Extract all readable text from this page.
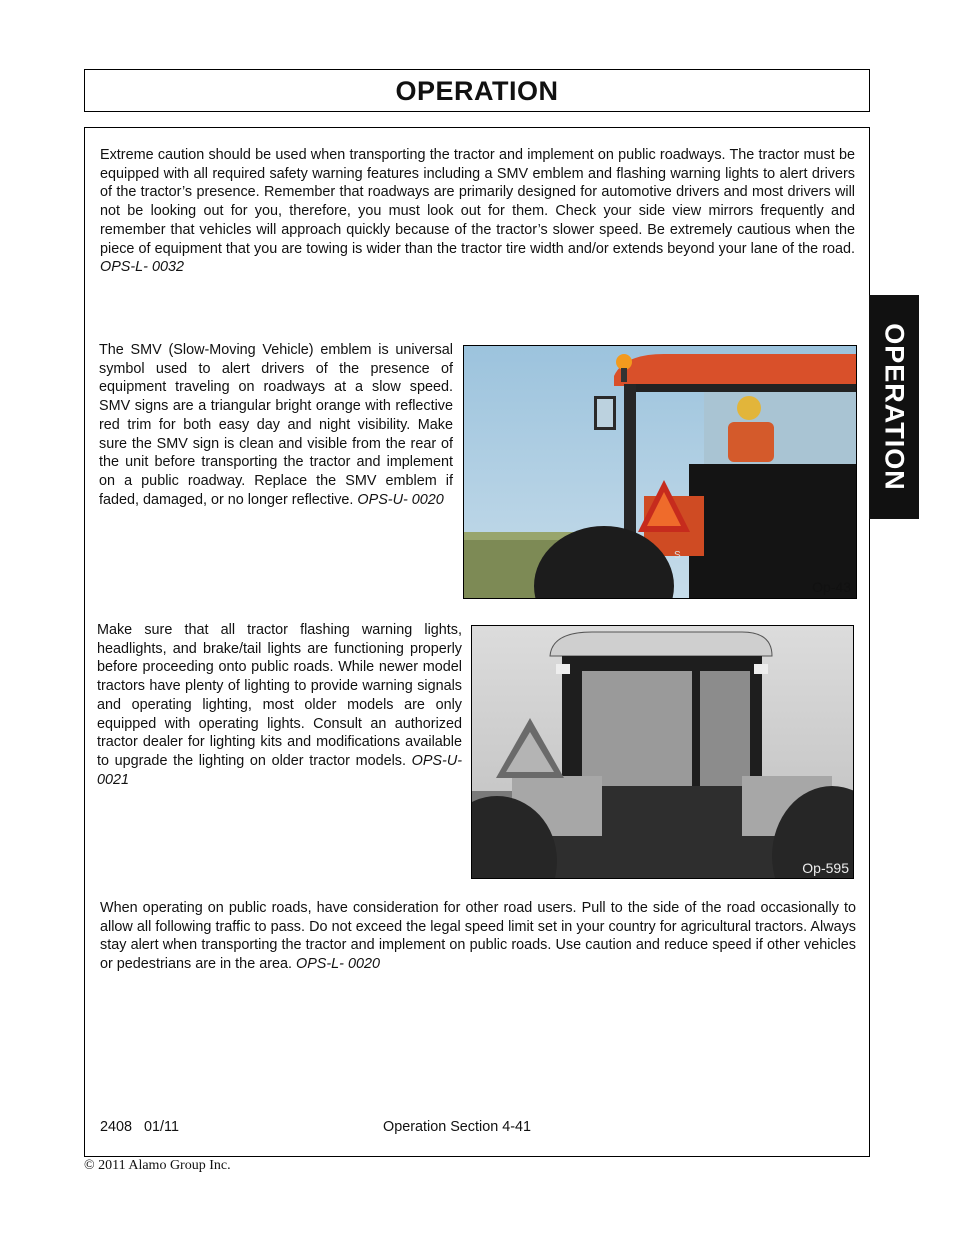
OPERATION
OPERATION

Extreme caution should be used when transporting the tractor and implement on public roadways. The tractor must be equipped with all required safety warning features including a SMV emblem and flashing warning lights to alert drivers of the tractor’s presence. Remember that roadways are primarily designed for automotive drivers and most drivers will not be looking out for you, therefore, you must look out for them. Check your side view mirrors frequently and remember that vehicles will approach quickly because of the tractor’s slower speed. Be extremely cautious when the piece of equipment that you are towing is wider than the tractor tire width and/or extends beyond your lane of the road. OPS-L- 0032

The SMV (Slow-Moving Vehicle) emblem is universal symbol used to alert drivers of the presence of equipment traveling on roadways at a slow speed. SMV signs are a triangular bright orange with reflective red trim for both easy day and night visibility. Make sure the SMV sign is clean and visible from the rear of the unit before transporting the tractor and implement on a public roadway. Replace the SMV emblem if faded, damaged, or no longer reflective. OPS-U- 0020

S
Op-43

Make sure that all tractor flashing warning lights, headlights, and brake/tail lights are functioning properly before proceeding onto public roads. While newer model tractors have plenty of lighting to provide warning signals and operating lighting, most older models are only equipped with operating lights. Consult an authorized tractor dealer for lighting kits and modifications available to upgrade the lighting on older tractor models. OPS-U- 0021

Op-595

When operating on public roads, have consideration for other road users. Pull to the side of the road occasionally to allow all following traffic to pass. Do not exceed the legal speed limit set in your country for agricultural tractors. Always stay alert when transporting the tractor and implement on public roads. Use caution and reduce speed if other vehicles or pedestrians are in the area. OPS-L- 0020

2408   01/11	Operation Section 4-41
© 2011 Alamo Group Inc.
